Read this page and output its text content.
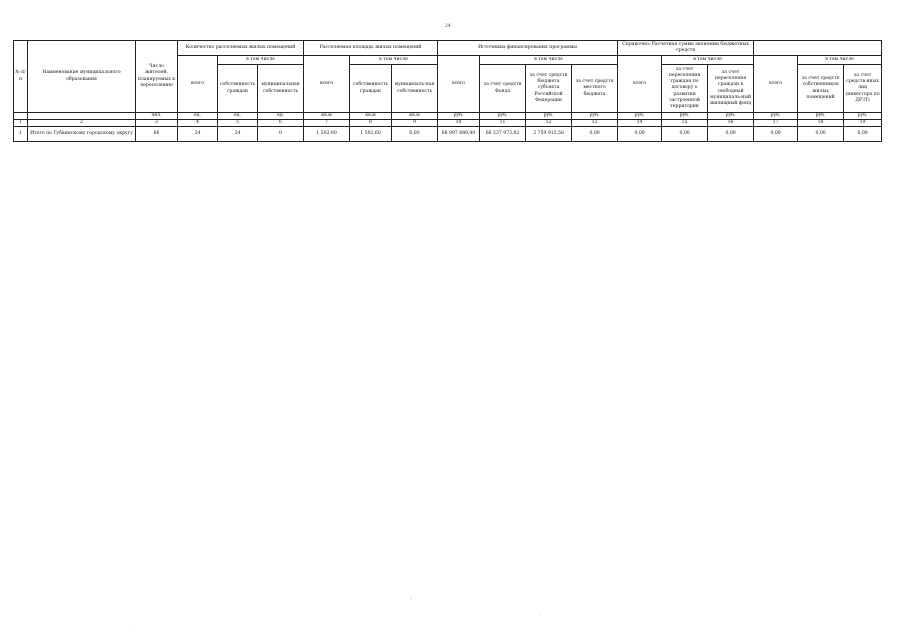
24
№ п/п	Наименование муниципального образования	Число жителей, планируемых к переселению	Количество расселяемых жилых помещений			Расселяемая площадь жилых помещений			Источники финансирования программы				Справочно: Расчетная сумма экономии бюджетных средств					
			всего	в том числе		всего	в том числе		всего	в том числе			всего	в том числе		всего	в том числе	
				собственность граждан	муниципальная собственность		собственность граждан	муниципаль-ная собственность		за счет средств Фонда	за счет средств бюджета субъекта Российской Федерации	за счет средств местного бюджета		за счет переселения граждан по договору о развитии застроенной территории	за счет переселения граждан в свободный муниципаль-ный жилищный фонд		за счет средств собственников жилых помещений	за счет средств иных лиц (инвестора по ДРЗТ)
		чел.	ед.	ед.	ед.	кв.м	кв.м	кв.м	руб.	руб.	руб.	руб.	руб.	руб.	руб.	руб.	руб.	руб.
1	2	3	4	5	6	7	8	9	10	11	12	13	14	15	16	17	18	19
1	Итого по Губкинскому городскому округу	66	24	24	0	1 502,60	1 502,60	0,00	68 997 889,40	66 237 973,82	2 759 915,58	0,00	0,00	0,00	0,00	0,00	0,00	0,00
